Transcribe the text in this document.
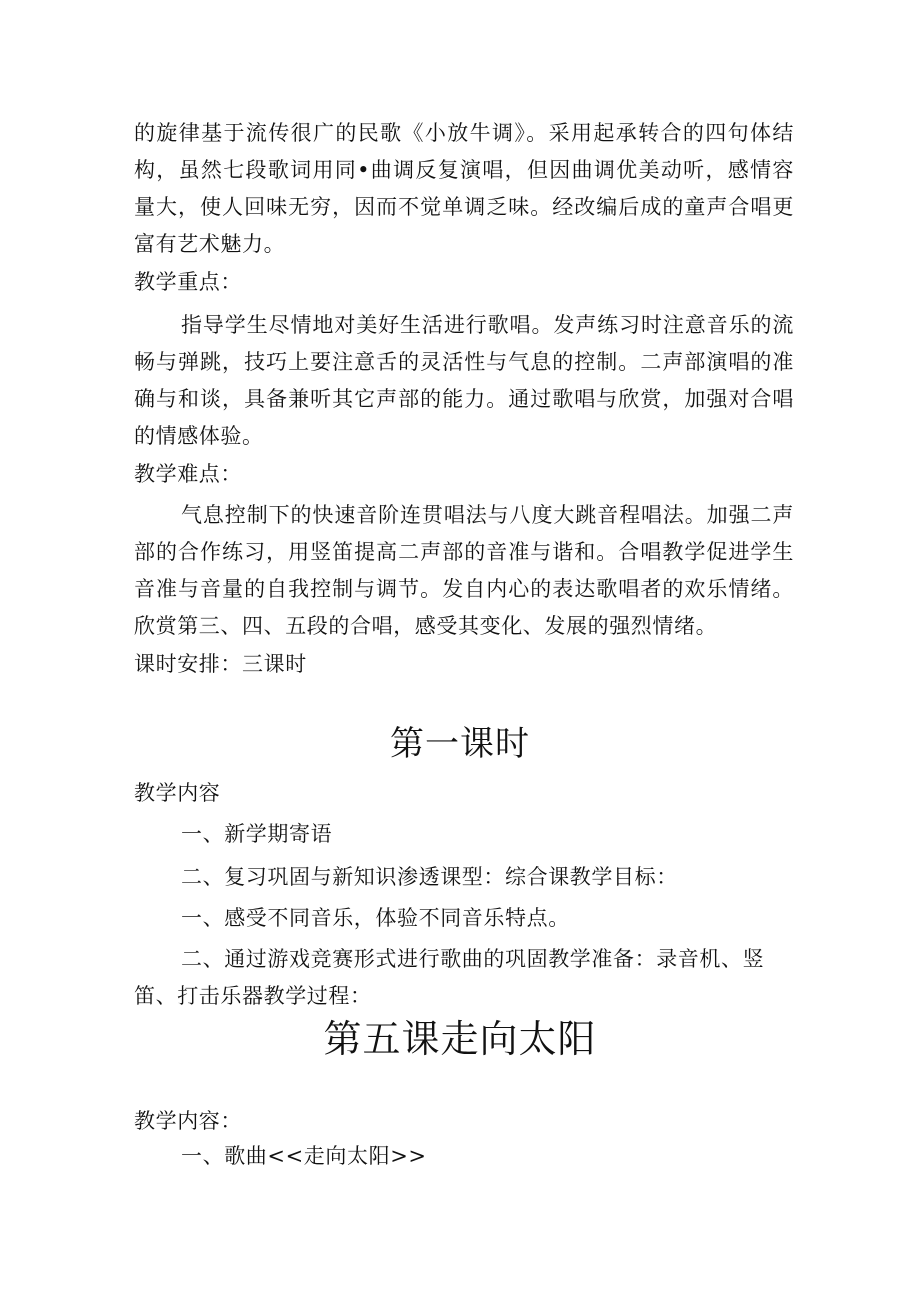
的旋律基于流传很广的民歌《小放牛调》。采用起承转合的四句体结构，虽然七段歌词用同•曲调反复演唱，但因曲调优美动听，感情容量大，使人回味无穷，因而不觉单调乏味。经改编后成的童声合唱更富有艺术魅力。

教学重点：

指导学生尽情地对美好生活进行歌唱。发声练习时注意音乐的流畅与弹跳，技巧上要注意舌的灵活性与气息的控制。二声部演唱的准确与和谈，具备兼听其它声部的能力。通过歌唱与欣赏，加强对合唱的情感体验。

教学难点：

气息控制下的快速音阶连贯唱法与八度大跳音程唱法。加强二声部的合作练习，用竖笛提高二声部的音准与谐和。合唱教学促进学生音准与音量的自我控制与调节。发自内心的表达歌唱者的欢乐情绪。欣赏第三、四、五段的合唱，感受其变化、发展的强烈情绪。

课时安排：三课时

第一课时

教学内容

一、新学期寄语

二、复习巩固与新知识渗透课型：综合课教学目标：

一、感受不同音乐，体验不同音乐特点。

二、通过游戏竞赛形式进行歌曲的巩固教学准备：录音机、竖笛、打击乐器教学过程：

第五课走向太阳

教学内容：

一、歌曲<<走向太阳>>
